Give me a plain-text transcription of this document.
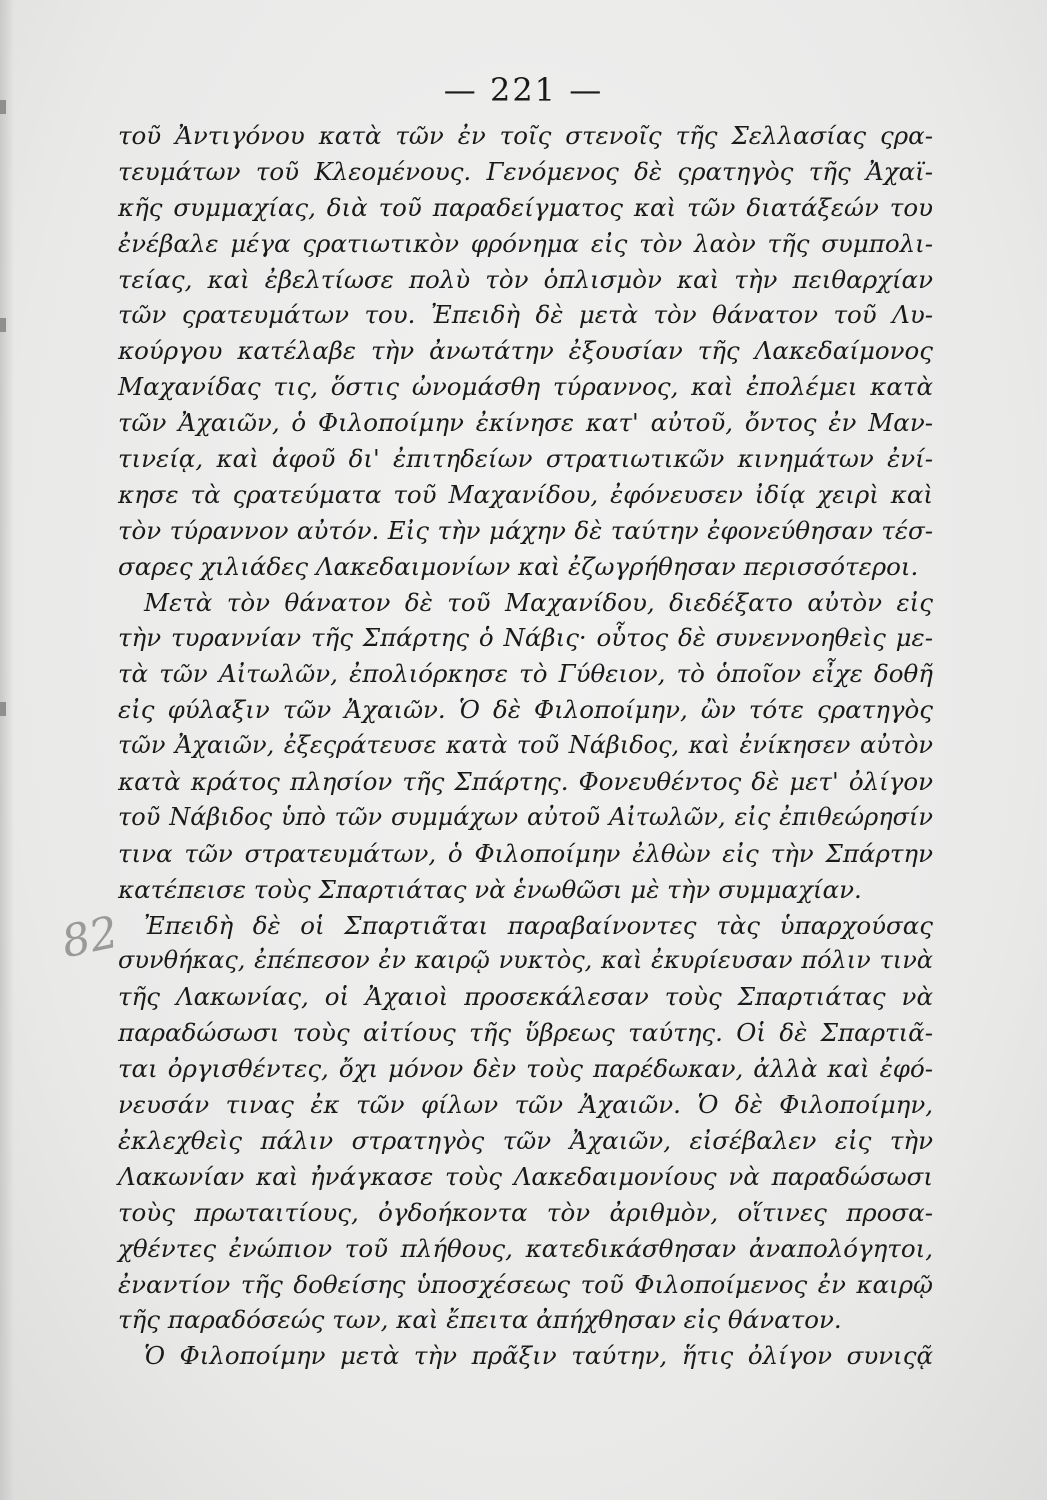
— 221 —
82
τοῦ Ἀντιγόνου κατὰ τῶν ἐν τοῖς στενοῖς τῆς Σελλασίας ςρα-
τευμάτων τοῦ Κλεομένους. Γενόμενος δὲ ςρατηγὸς τῆς Ἀχαϊ-
κῆς συμμαχίας, διὰ τοῦ παραδείγματος καὶ τῶν διατάξεών του
ἐνέβαλε μέγα ςρατιωτικὸν φρόνημα εἰς τὸν λαὸν τῆς συμπολι-
τείας, καὶ ἐβελτίωσε πολὺ τὸν ὁπλισμὸν καὶ τὴν πειθαρχίαν
τῶν ςρατευμάτων του. Ἐπειδὴ δὲ μετὰ τὸν θάνατον τοῦ Λυ-
κούργου κατέλαβε τὴν ἀνωτάτην ἐξουσίαν τῆς Λακεδαίμονος
Μαχανίδας τις, ὅστις ὠνομάσθη τύραννος, καὶ ἐπολέμει κατὰ
τῶν Ἀχαιῶν, ὁ Φιλοποίμην ἐκίνησε κατ' αὐτοῦ, ὄντος ἐν Μαν-
τινείᾳ, καὶ ἀφοῦ δι' ἐπιτηδείων στρατιωτικῶν κινημάτων ἐνί-
κησε τὰ ςρατεύματα τοῦ Μαχανίδου, ἐφόνευσεν ἰδίᾳ χειρὶ καὶ
τὸν τύραννον αὐτόν. Εἰς τὴν μάχην δὲ ταύτην ἐφονεύθησαν τέσ-
σαρες χιλιάδες Λακεδαιμονίων καὶ ἐζωγρήθησαν περισσότεροι.
Μετὰ τὸν θάνατον δὲ τοῦ Μαχανίδου, διεδέξατο αὐτὸν εἰς
τὴν τυραννίαν τῆς Σπάρτης ὁ Νάβις· οὗτος δὲ συνεννοηθεὶς με-
τὰ τῶν Αἰτωλῶν, ἐπολιόρκησε τὸ Γύθειον, τὸ ὁποῖον εἶχε δοθῆ
εἰς φύλαξιν τῶν Ἀχαιῶν. Ὁ δὲ Φιλοποίμην, ὢν τότε ςρατηγὸς
τῶν Ἀχαιῶν, ἐξεςράτευσε κατὰ τοῦ Νάβιδος, καὶ ἐνίκησεν αὐτὸν
κατὰ κράτος πλησίον τῆς Σπάρτης. Φονευθέντος δὲ μετ' ὀλίγον
τοῦ Νάβιδος ὑπὸ τῶν συμμάχων αὐτοῦ Αἰτωλῶν, εἰς ἐπιθεώρησίν
τινα τῶν στρατευμάτων, ὁ Φιλοποίμην ἐλθὼν εἰς τὴν Σπάρτην
κατέπεισε τοὺς Σπαρτιάτας νὰ ἑνωθῶσι μὲ τὴν συμμαχίαν.
Ἐπειδὴ δὲ οἱ Σπαρτιᾶται παραβαίνοντες τὰς ὑπαρχούσας
συνθήκας, ἐπέπεσον ἐν καιρῷ νυκτὸς, καὶ ἐκυρίευσαν πόλιν τινὰ
τῆς Λακωνίας, οἱ Ἀχαιοὶ προσεκάλεσαν τοὺς Σπαρτιάτας νὰ
παραδώσωσι τοὺς αἰτίους τῆς ὕβρεως ταύτης. Οἱ δὲ Σπαρτιᾶ-
ται ὀργισθέντες, ὄχι μόνον δὲν τοὺς παρέδωκαν, ἀλλὰ καὶ ἐφό-
νευσάν τινας ἐκ τῶν φίλων τῶν Ἀχαιῶν. Ὁ δὲ Φιλοποίμην,
ἐκλεχθεὶς πάλιν στρατηγὸς τῶν Ἀχαιῶν, εἰσέβαλεν εἰς τὴν
Λακωνίαν καὶ ἠνάγκασε τοὺς Λακεδαιμονίους νὰ παραδώσωσι
τοὺς πρωταιτίους, ὀγδοήκοντα τὸν ἀριθμὸν, οἵτινες προσα-
χθέντες ἐνώπιον τοῦ πλήθους, κατεδικάσθησαν ἀναπολόγητοι,
ἐναντίον τῆς δοθείσης ὑποσχέσεως τοῦ Φιλοποίμενος ἐν καιρῷ
τῆς παραδόσεώς των, καὶ ἔπειτα ἀπήχθησαν εἰς θάνατον.
Ὁ Φιλοποίμην μετὰ τὴν πρᾶξιν ταύτην, ἥτις ὀλίγον συνιςᾷ
